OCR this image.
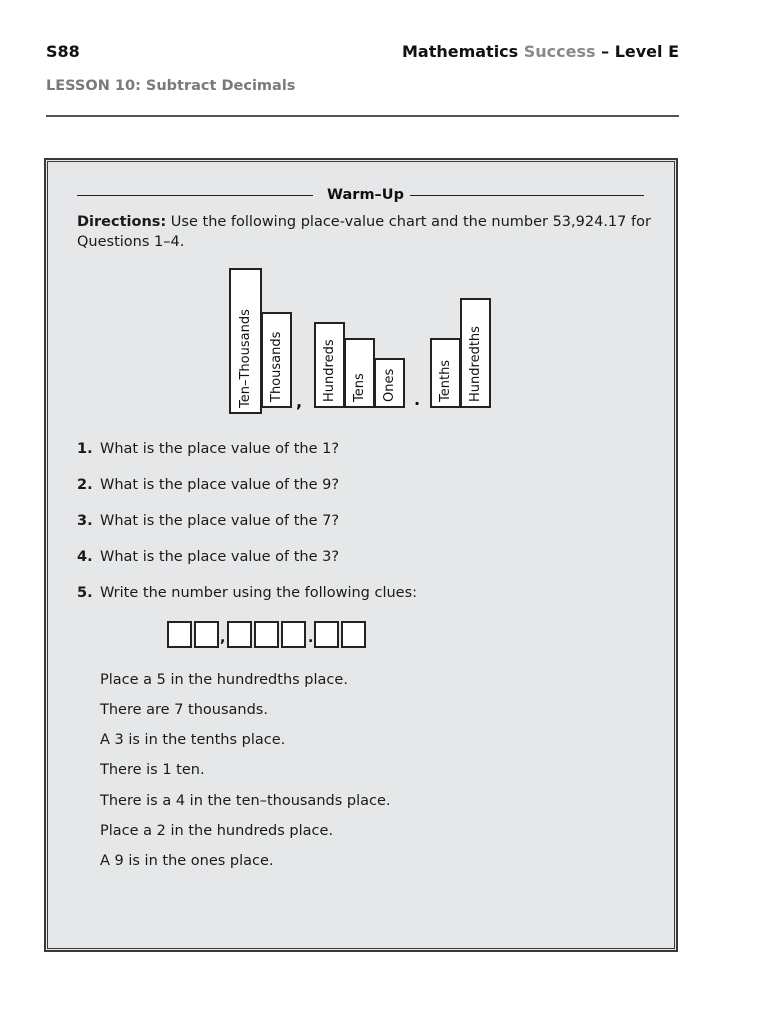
S88	Mathematics Success – Level E
LESSON 10: Subtract Decimals
Warm–Up
Directions: Use the following place-value chart and the number 53,924.17 for Questions 1–4.
Ten–Thousands Thousands , Hundreds Tens Ones . Tenths Hundredths
1. What is the place value of the 1?
2. What is the place value of the 9?
3. What is the place value of the 7?
4. What is the place value of the 3?
5. Write the number using the following clues:
,	.
Place a 5 in the hundredths place.
There are 7 thousands.
A 3 is in the tenths place.
There is 1 ten.
There is a 4 in the ten–thousands place.
Place a 2 in the hundreds place.
A 9 is in the ones place.
